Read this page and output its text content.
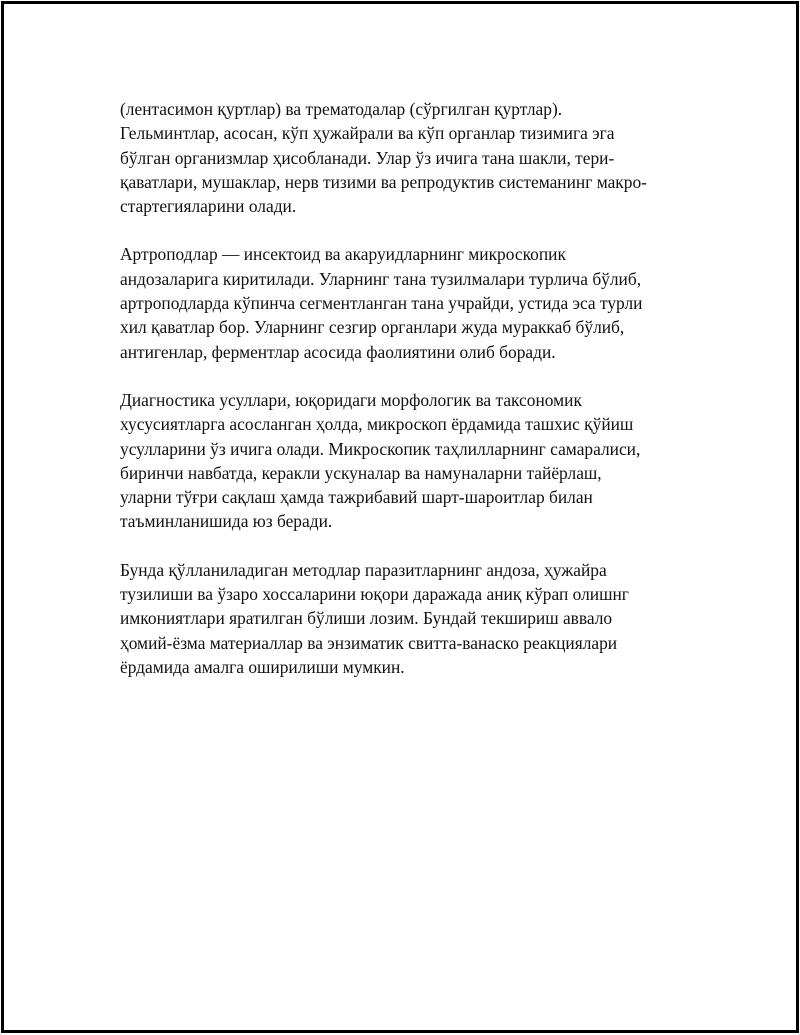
(лентасимон қуртлар) ва трематодалар (сўргилган қуртлар).
Гельминтлар, асосан, кўп ҳужайрали ва кўп органлар тизимига эга
бўлган организмлар ҳисобланади. Улар ўз ичига тана шакли, тери-
қаватлари, мушаклар, нерв тизими ва репродуктив системанинг макро-
стартегияларини олади.

Артроподлар — инсектоид ва акаруидларнинг микроскопик
андозаларига киритилади. Уларнинг тана тузилмалари турлича бўлиб,
артроподларда кўпинча сегментланган тана учрайди, устида эса турли
хил қаватлар бор. Уларнинг сезгир органлари жуда мураккаб бўлиб,
антигенлар, ферментлар асосида фаолиятини олиб боради.

Диагностика усуллари, юқоридаги морфологик ва таксономик
хусусиятларга асосланган ҳолда, микроскоп ёрдамида ташхис қўйиш
усулларини ўз ичига олади. Микроскопик таҳлилларнинг самаралиси,
биринчи навбатда, керакли ускуналар ва намуналарни тайёрлаш,
уларни тўғри сақлаш ҳамда тажрибавий шарт-шароитлар билан
таъминланишида юз беради.

Бунда қўлланиладиган методлар паразитларнинг андоза, ҳужайра
тузилиши ва ўзаро хоссаларини юқори даражада аниқ кўрап олишнг
имкониятлари яратилган бўлиши лозим. Бундай текшириш аввало
ҳомий-ёзма материаллар ва энзиматик свитта-ванаско реакциялари
ёрдамида амалга оширилиши мумкин.
